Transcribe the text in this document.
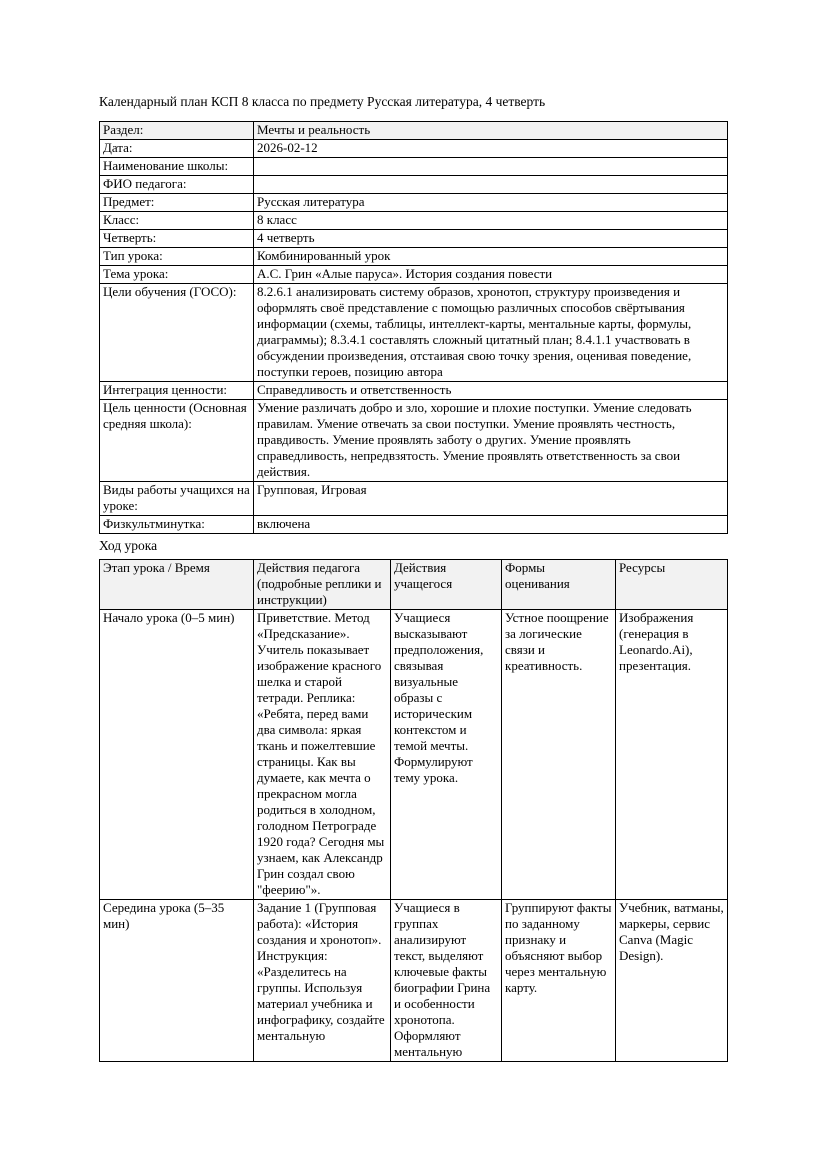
Календарный план КСП 8 класса по предмету Русская литература, 4 четверть

Раздел:	Мечты и реальность
Дата:	2026-02-12
Наименование школы:	
ФИО педагога:	
Предмет:	Русская литература
Класс:	8 класс
Четверть:	4 четверть
Тип урока:	Комбинированный урок
Тема урока:	А.С. Грин «Алые паруса». История создания повести
Цели обучения (ГОСО):	8.2.6.1 анализировать систему образов, хронотоп, структуру произведения и оформлять своё представление с помощью различных способов свёртывания информации (схемы, таблицы, интеллект-карты, ментальные карты, формулы, диаграммы); 8.3.4.1 составлять сложный цитатный план; 8.4.1.1 участвовать в обсуждении произведения, отстаивая свою точку зрения, оценивая поведение, поступки героев, позицию автора
Интеграция ценности:	Справедливость и ответственность
Цель ценности (Основная средняя школа):	Умение различать добро и зло, хорошие и плохие поступки. Умение следовать правилам. Умение отвечать за свои поступки. Умение проявлять честность, правдивость. Умение проявлять заботу о других. Умение проявлять справедливость, непредвзятость. Умение проявлять ответственность за свои действия.
Виды работы учащихся на уроке:	Групповая, Игровая
Физкультминутка:	включена

Ход урока

Этап урока / Время	Действия педагога (подробные реплики и инструкции)	Действия учащегося	Формы оценивания	Ресурсы
Начало урока (0–5 мин)	Приветствие. Метод «Предсказание». Учитель показывает изображение красного шелка и старой тетради. Реплика: «Ребята, перед вами два символа: яркая ткань и пожелтевшие страницы. Как вы думаете, как мечта о прекрасном могла родиться в холодном, голодном Петрограде 1920 года? Сегодня мы узнаем, как Александр Грин создал свою "феерию"».	Учащиеся высказывают предположения, связывая визуальные образы с историческим контекстом и темой мечты. Формулируют тему урока.	Устное поощрение за логические связи и креативность.	Изображения (генерация в Leonardo.Ai), презентация.
Середина урока (5–35 мин)	Задание 1 (Групповая работа): «История создания и хронотоп». Инструкция: «Разделитесь на группы. Используя материал учебника и инфографику, создайте ментальную	Учащиеся в группах анализируют текст, выделяют ключевые факты биографии Грина и особенности хронотопа. Оформляют ментальную	Группируют факты по заданному признаку и объясняют выбор через ментальную карту.	Учебник, ватманы, маркеры, сервис Canva (Magic Design).
